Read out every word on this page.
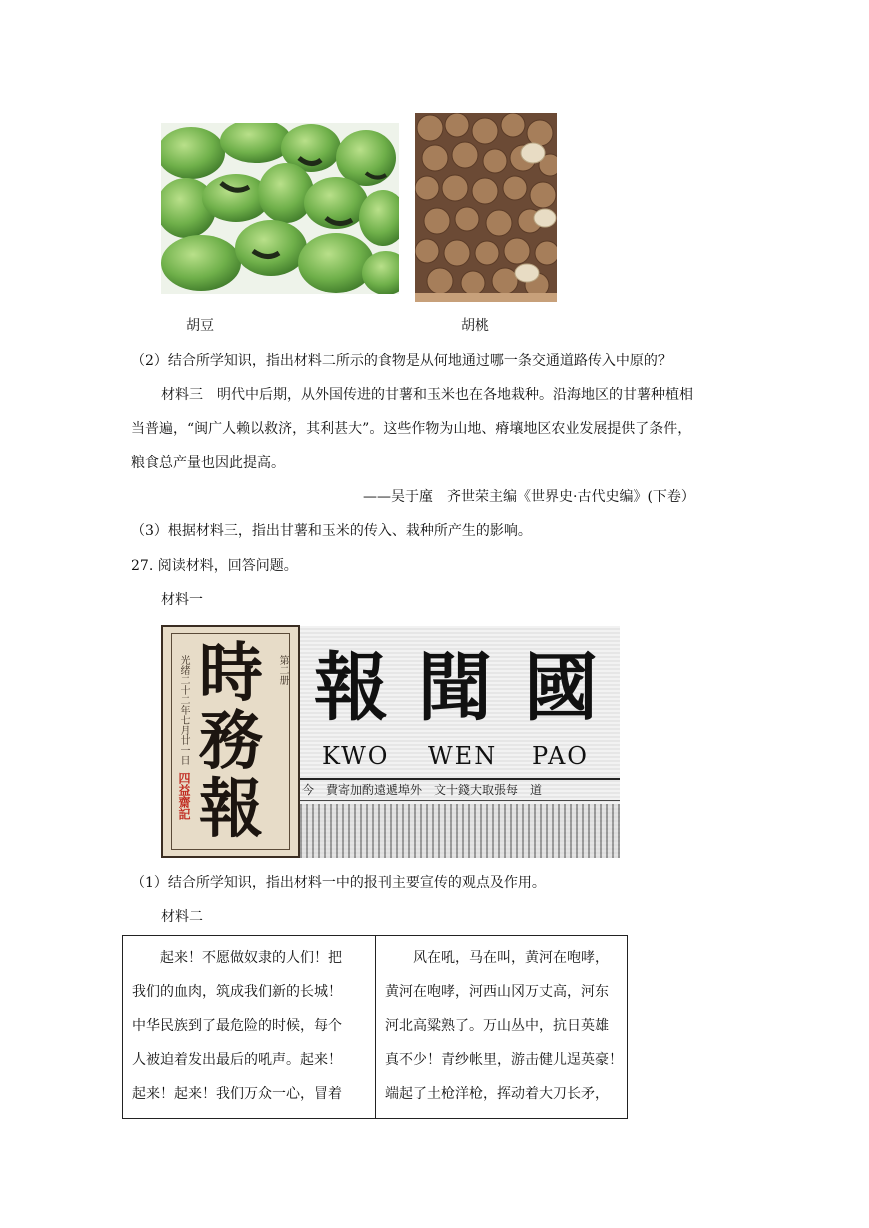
胡豆	胡桃
（2）结合所学知识，指出材料二所示的食物是从何地通过哪一条交通道路传入中原的？
材料三　明代中后期，从外国传进的甘薯和玉米也在各地栽种。沿海地区的甘薯种植相
当普遍，“闽广人赖以救济，其利甚大”。这些作物为山地、瘠壤地区农业发展提供了条件，
粮食总产量也因此提高。
——吴于廑　齐世荣主编《世界史·古代史编》(下卷）
（3）根据材料三，指出甘薯和玉米的传入、栽种所产生的影响。
27. 阅读材料，回答问题。
材料一
光绪二十二年七月廿一日	第二册
時
務
報
四益齋記
報 聞 國
KWO WEN PAO
今　費寄加酌遠遞埠外　文十錢大取張每　道
（1）结合所学知识，指出材料一中的报刊主要宣传的观点及作用。
材料二
　　起来！不愿做奴隶的人们！把
我们的血肉，筑成我们新的长城！
中华民族到了最危险的时候，每个
人被迫着发出最后的吼声。起来！
起来！起来！我们万众一心，冒着
　　风在吼，马在叫，黄河在咆哮，
黄河在咆哮，河西山冈万丈高，河东
河北高粱熟了。万山丛中，抗日英雄
真不少！青纱帐里，游击健儿逞英豪！
端起了土枪洋枪，挥动着大刀长矛，
